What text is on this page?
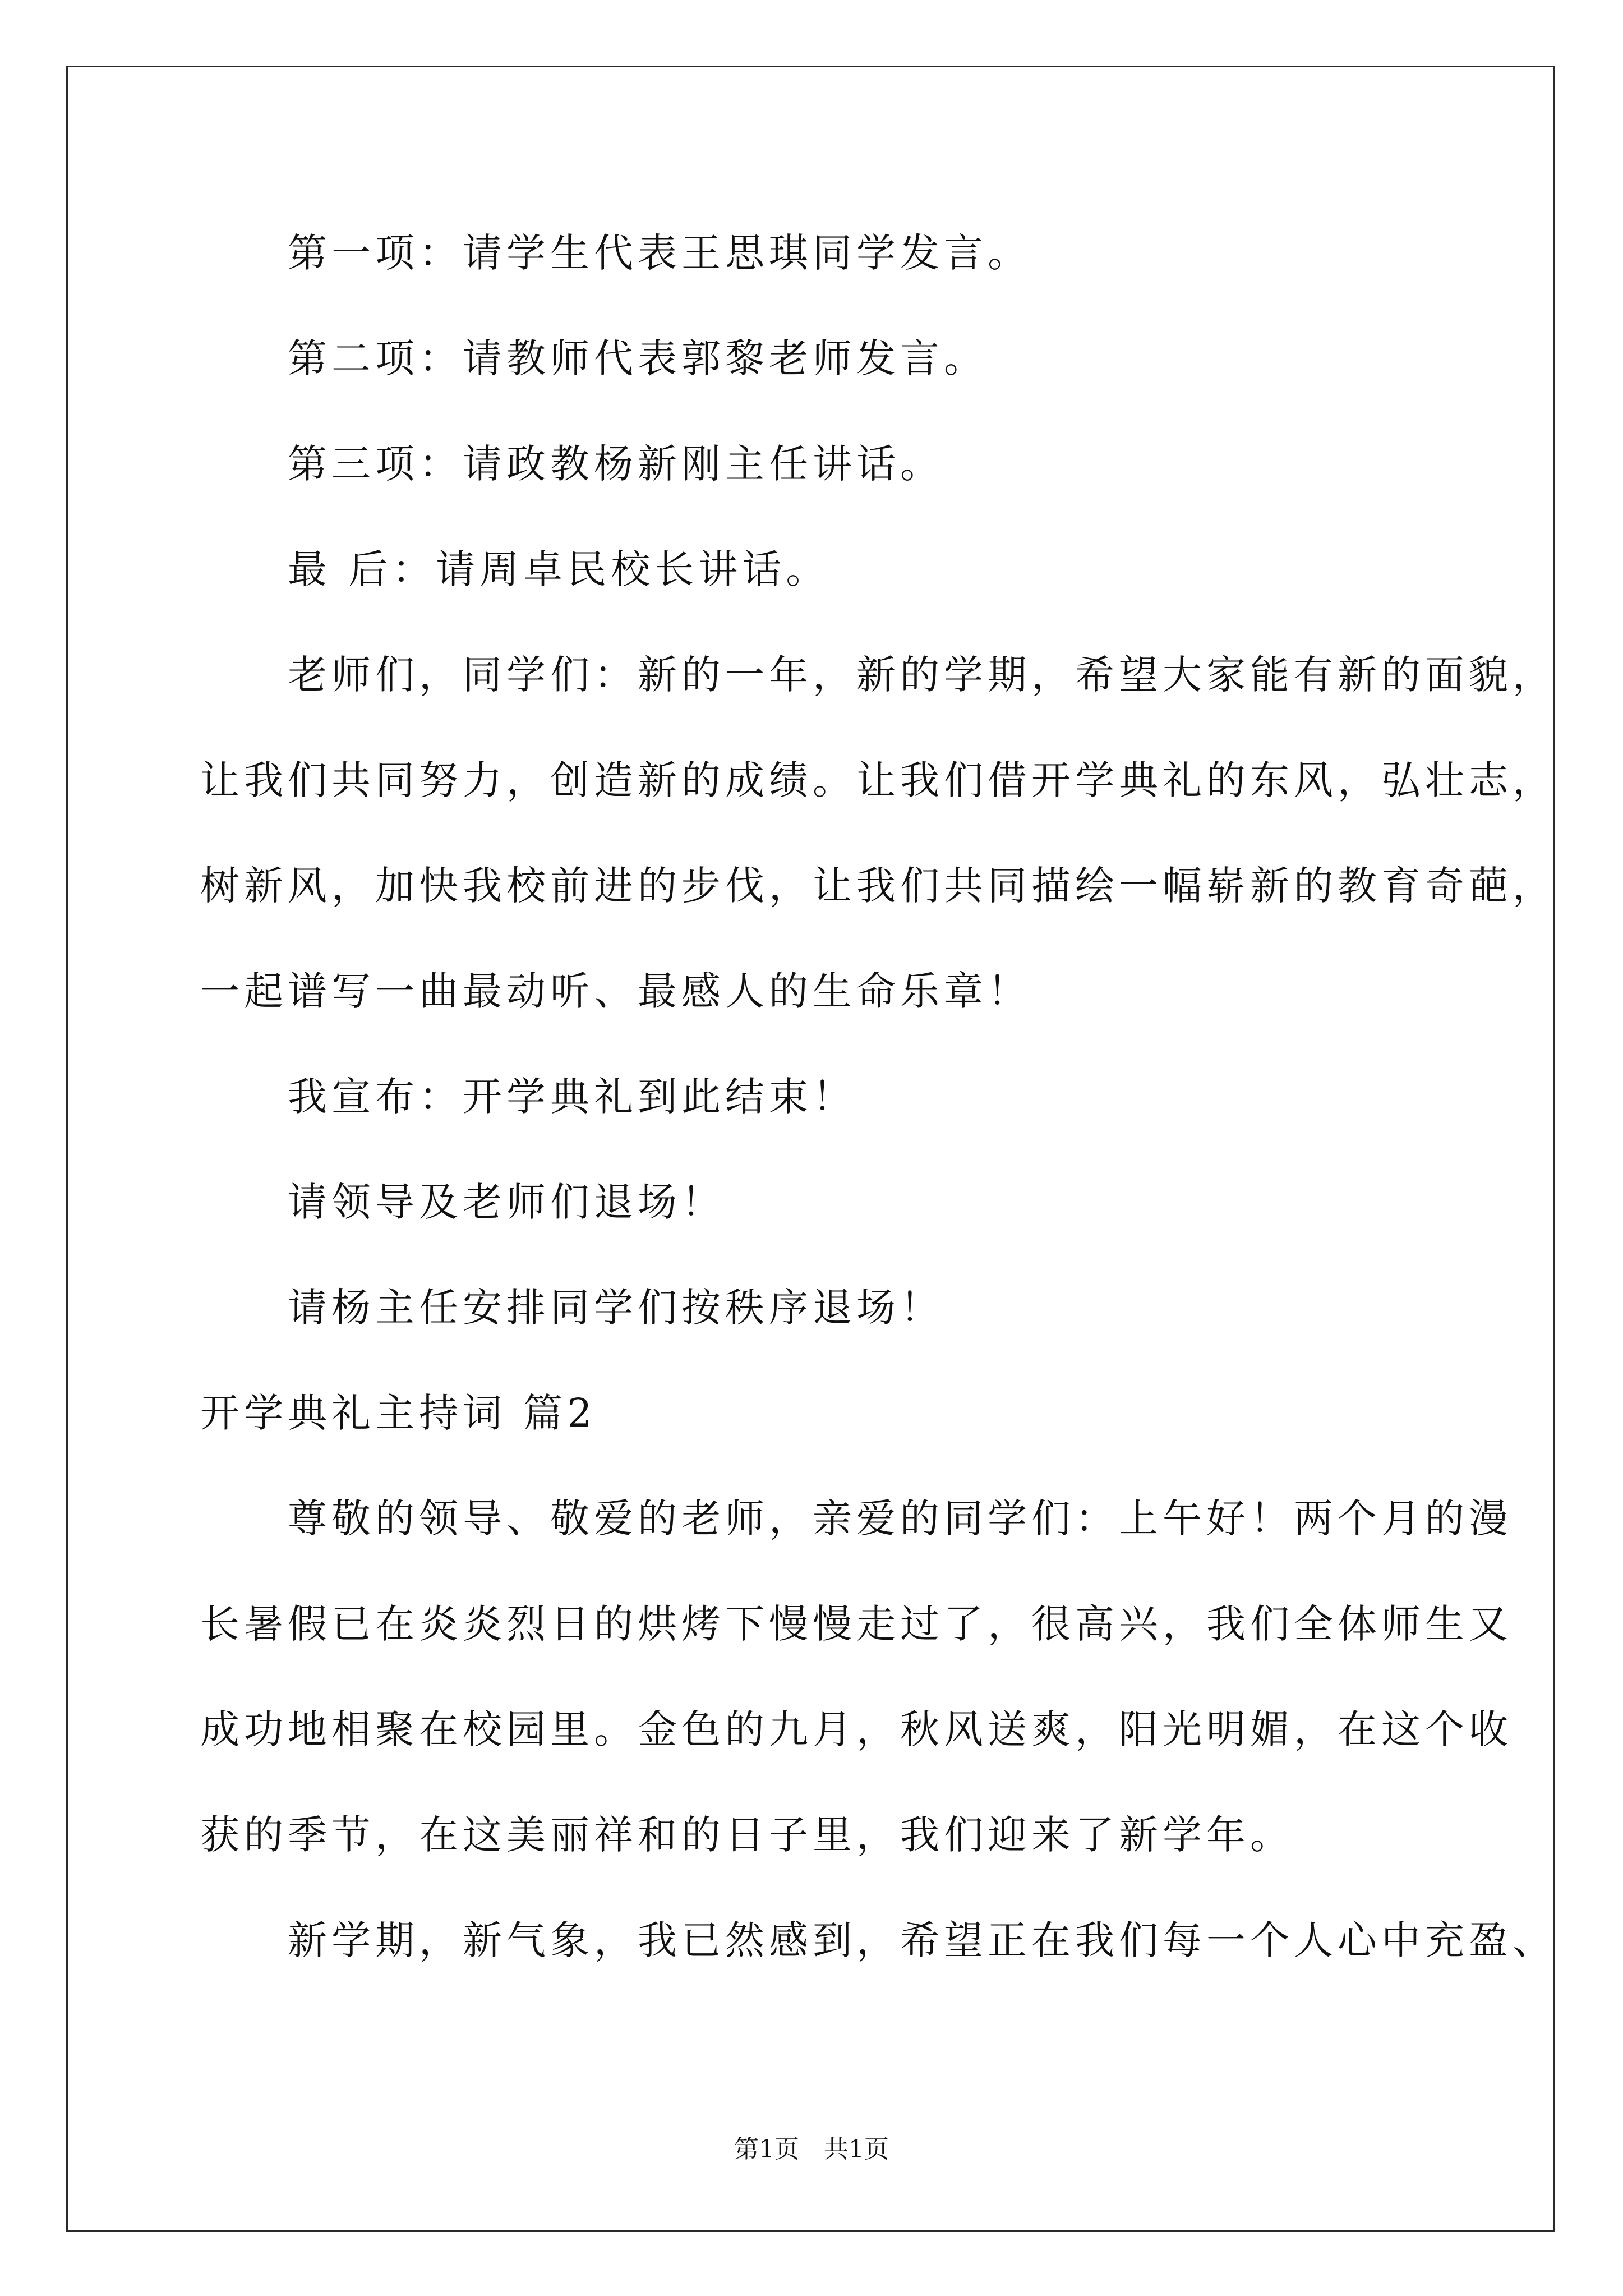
　　第一项：请学生代表王思琪同学发言。
　　第二项：请教师代表郭黎老师发言。
　　第三项：请政教杨新刚主任讲话。
　　最 后：请周卓民校长讲话。
　　老师们，同学们：新的一年，新的学期，希望大家能有新的面貌，
让我们共同努力，创造新的成绩。让我们借开学典礼的东风，弘壮志，
树新风，加快我校前进的步伐，让我们共同描绘一幅崭新的教育奇葩，
一起谱写一曲最动听、最感人的生命乐章！
　　我宣布：开学典礼到此结束！
　　请领导及老师们退场！
　　请杨主任安排同学们按秩序退场！
开学典礼主持词 篇2
　　尊敬的领导、敬爱的老师，亲爱的同学们：上午好！两个月的漫
长暑假已在炎炎烈日的烘烤下慢慢走过了，很高兴，我们全体师生又
成功地相聚在校园里。金色的九月，秋风送爽，阳光明媚，在这个收
获的季节，在这美丽祥和的日子里，我们迎来了新学年。
　　新学期，新气象，我已然感到，希望正在我们每一个人心中充盈、
第1页　共1页
